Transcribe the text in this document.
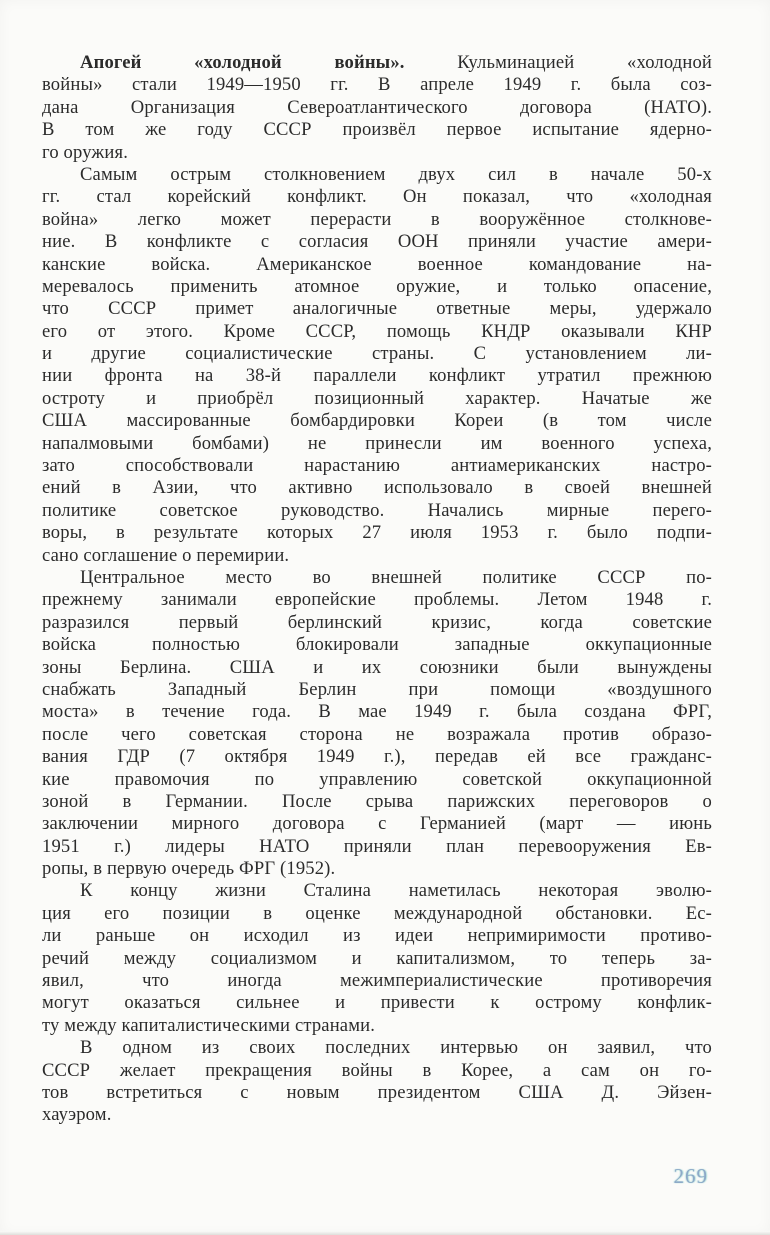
Апогей «холодной войны». Кульминацией «холодной
войны» стали 1949—1950 гг. В апреле 1949 г. была соз-
дана Организация Североатлантического договора (НАТО).
В том же году СССР произвёл первое испытание ядерно-
го оружия.
Самым острым столкновением двух сил в начале 50-х
гг. стал корейский конфликт. Он показал, что «холодная
война» легко может перерасти в вооружённое столкнове-
ние. В конфликте с согласия ООН приняли участие амери-
канские войска. Американское военное командование на-
меревалось применить атомное оружие, и только опасение,
что СССР примет аналогичные ответные меры, удержало
его от этого. Кроме СССР, помощь КНДР оказывали КНР
и другие социалистические страны. С установлением ли-
нии фронта на 38-й параллели конфликт утратил прежнюю
остроту и приобрёл позиционный характер. Начатые же
США массированные бомбардировки Кореи (в том числе
напалмовыми бомбами) не принесли им военного успеха,
зато способствовали нарастанию антиамериканских настро-
ений в Азии, что активно использовало в своей внешней
политике советское руководство. Начались мирные перего-
воры, в результате которых 27 июля 1953 г. было подпи-
сано соглашение о перемирии.
Центральное место во внешней политике СССР по-
прежнему занимали европейские проблемы. Летом 1948 г.
разразился первый берлинский кризис, когда советские
войска полностью блокировали западные оккупационные
зоны Берлина. США и их союзники были вынуждены
снабжать Западный Берлин при помощи «воздушного
моста» в течение года. В мае 1949 г. была создана ФРГ,
после чего советская сторона не возражала против образо-
вания ГДР (7 октября 1949 г.), передав ей все гражданс-
кие правомочия по управлению советской оккупационной
зоной в Германии. После срыва парижских переговоров о
заключении мирного договора с Германией (март — июнь
1951 г.) лидеры НАТО приняли план перевооружения Ев-
ропы, в первую очередь ФРГ (1952).
К концу жизни Сталина наметилась некоторая эволю-
ция его позиции в оценке международной обстановки. Ес-
ли раньше он исходил из идеи непримиримости противо-
речий между социализмом и капитализмом, то теперь за-
явил, что иногда межимпериалистические противоречия
могут оказаться сильнее и привести к острому конфлик-
ту между капиталистическими странами.
В одном из своих последних интервью он заявил, что
СССР желает прекращения войны в Корее, а сам он го-
тов встретиться с новым президентом США Д. Эйзен-
хауэром.
269
